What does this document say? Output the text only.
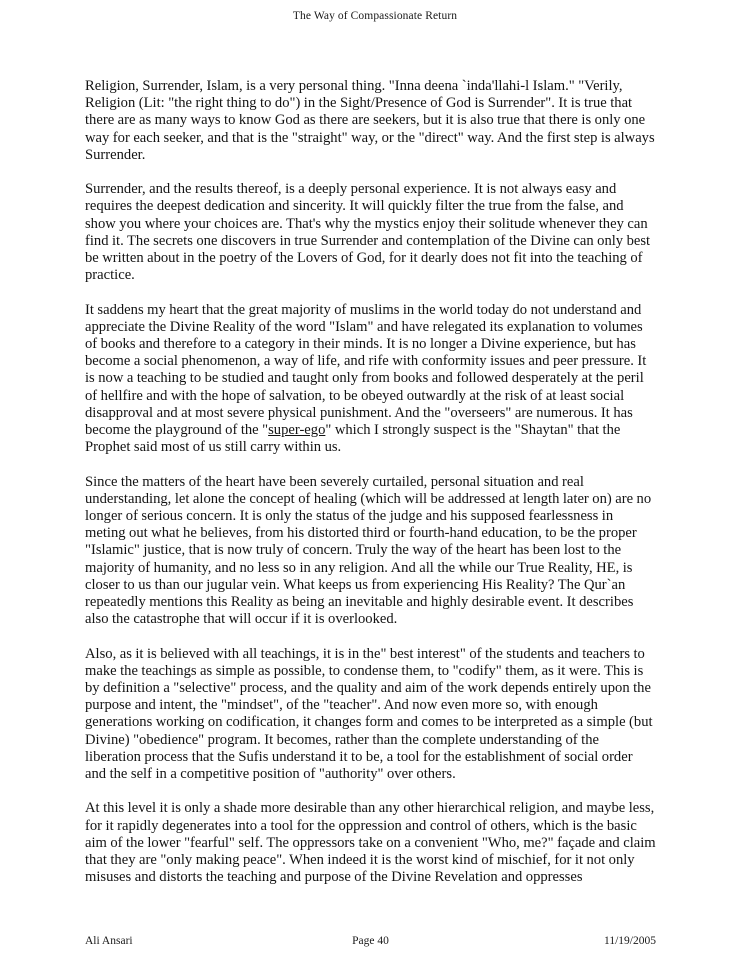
The Way of Compassionate Return

Religion, Surrender, Islam, is a very personal thing. "Inna deena `inda'llahi-l Islam." "Verily, Religion (Lit: "the right thing to do") in the Sight/Presence of God is Surrender". It is true that there are as many ways to know God as there are seekers, but it is also true that there is only one way for each seeker, and that is the "straight" way, or the "direct" way. And the first step is always Surrender.

Surrender, and the results thereof, is a deeply personal experience. It is not always easy and requires the deepest dedication and sincerity. It will quickly filter the true from the false, and show you where your choices are. That's why the mystics enjoy their solitude whenever they can find it. The secrets one discovers in true Surrender and contemplation of the Divine can only best be written about in the poetry of the Lovers of God, for it dearly does not fit into the teaching of practice.

It saddens my heart that the great majority of muslims in the world today do not understand and appreciate the Divine Reality of the word "Islam" and have relegated its explanation to volumes of books and therefore to a category in their minds. It is no longer a Divine experience, but has become a social phenomenon, a way of life, and rife with conformity issues and peer pressure. It is now a teaching to be studied and taught only from books and followed desperately at the peril of hellfire and with the hope of salvation, to be obeyed outwardly at the risk of at least social disapproval and at most severe physical punishment. And the "overseers" are numerous. It has become the playground of the "super-ego" which I strongly suspect is the "Shaytan" that the Prophet said most of us still carry within us.

Since the matters of the heart have been severely curtailed, personal situation and real understanding, let alone the concept of healing (which will be addressed at length later on) are no longer of serious concern. It is only the status of the judge and his supposed fearlessness in meting out what he believes, from his distorted third or fourth-hand education, to be the proper "Islamic" justice, that is now truly of concern. Truly the way of the heart has been lost to the majority of humanity, and no less so in any religion. And all the while our True Reality, HE, is closer to us than our jugular vein. What keeps us from experiencing His Reality? The Qur`an repeatedly mentions this Reality as being an inevitable and highly desirable event. It describes also the catastrophe that will occur if it is overlooked.

Also, as it is believed with all teachings, it is in the" best interest" of the students and teachers to make the teachings as simple as possible, to condense them, to "codify" them, as it were. This is by definition a "selective" process, and the quality and aim of the work depends entirely upon the purpose and intent, the "mindset", of the "teacher". And now even more so, with enough generations working on codification, it changes form and comes to be interpreted as a simple (but Divine) "obedience" program. It becomes, rather than the complete understanding of the liberation process that the Sufis understand it to be, a tool for the establishment of social order and the self in a competitive position of "authority" over others.

At this level it is only a shade more desirable than any other hierarchical religion, and maybe less, for it rapidly degenerates into a tool for the oppression and control of others, which is the basic aim of the lower "fearful" self. The oppressors take on a convenient "Who, me?" façade and claim that they are "only making peace". When indeed it is the worst kind of mischief, for it not only misuses and distorts the teaching and purpose of the Divine Revelation and oppresses

Ali Ansari	Page 40	11/19/2005
